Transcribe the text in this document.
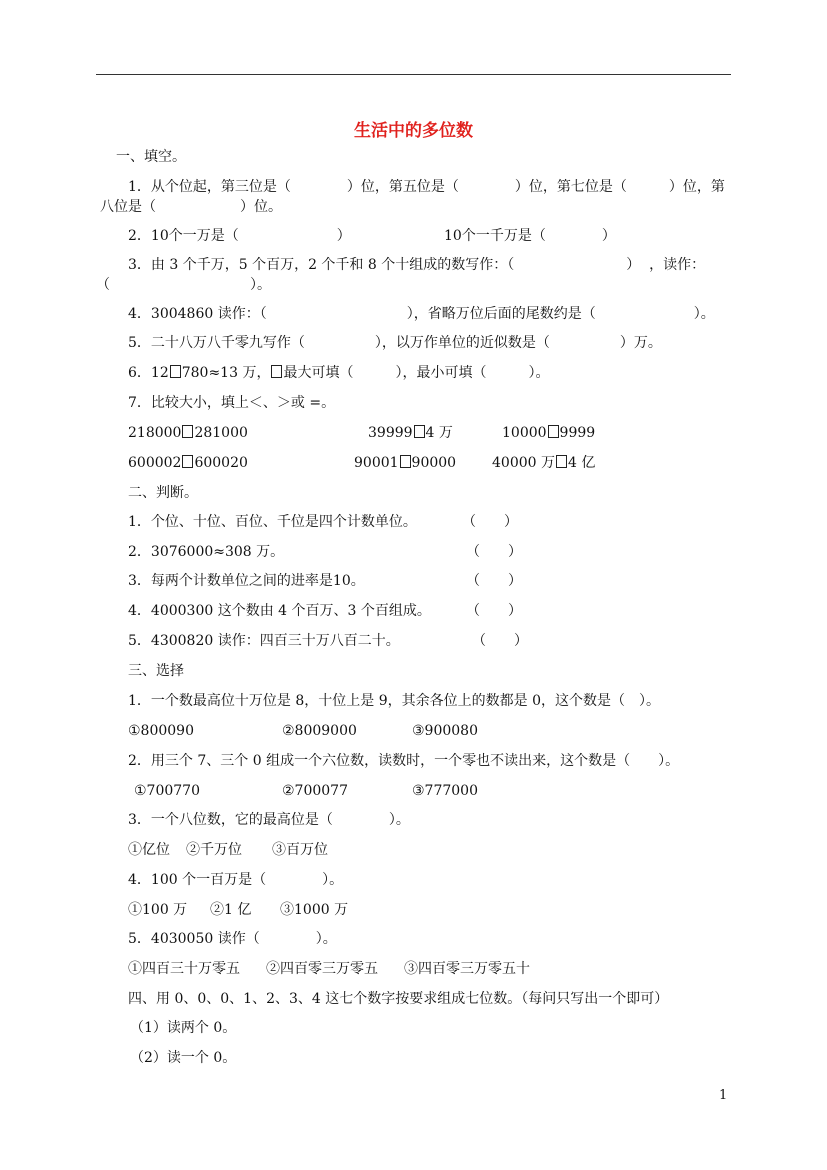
生活中的多位数
一、填空。
1．从个位起，第三位是（　　　　）位，第五位是（　　　　）位，第七位是（　　　）位，第
八位是（　　　　　　）位。
2．10个一万是（　　　　　　　）	10个一千万是（　　　　）
3．由 3 个千万，5 个百万，2 个千和 8 个十组成的数写作：（　　　　　　　　）  ，读作：
（　　　　　　　　　　）。
4．3004860 读作：（　　　　　　　　　　），省略万位后面的尾数约是（　　　　　　　）。
5．二十八万八千零九写作（　　　　　），以万作单位的近似数是（　　　　　）万。
6．12 780≈13 万， 最大可填（　　　），最小可填（　　　）。
7．比较大小，填上＜、＞或 =。
218000 281000	39999 4 万	10000 9999
600002 600020	90001 90000	40000 万 4 亿
二、判断。
1．个位、十位、百位、千位是四个计数单位。	（　　）
2．3076000≈308 万。	（　　）
3．每两个计数单位之间的进率是10。	（　　）
4．4000300 这个数由 4 个百万、3 个百组成。	（　　）
5．4300820 读作：四百三十万八百二十。	（　　）
三、选择
1．一个数最高位十万位是 8，十位上是 9，其余各位上的数都是 0，这个数是（　）。
①800090	②8009000	③900080
2．用三个 7、三个 0 组成一个六位数，读数时，一个零也不读出来，这个数是（　　）。
①700770	②700077	③777000
3．一个八位数，它的最高位是（　　　　）。
①亿位 ②千万位 ③百万位
4．100 个一百万是（　　　　）。
①100 万 ②1 亿 ③1000 万
5．4030050 读作（　　　　）。
①四百三十万零五 ②四百零三万零五 ③四百零三万零五十
四、用 0、0、0、1、2、3、4 这七个数字按要求组成七位数。（每问只写出一个即可）
（1）读两个 0。
（2）读一个 0。
1
